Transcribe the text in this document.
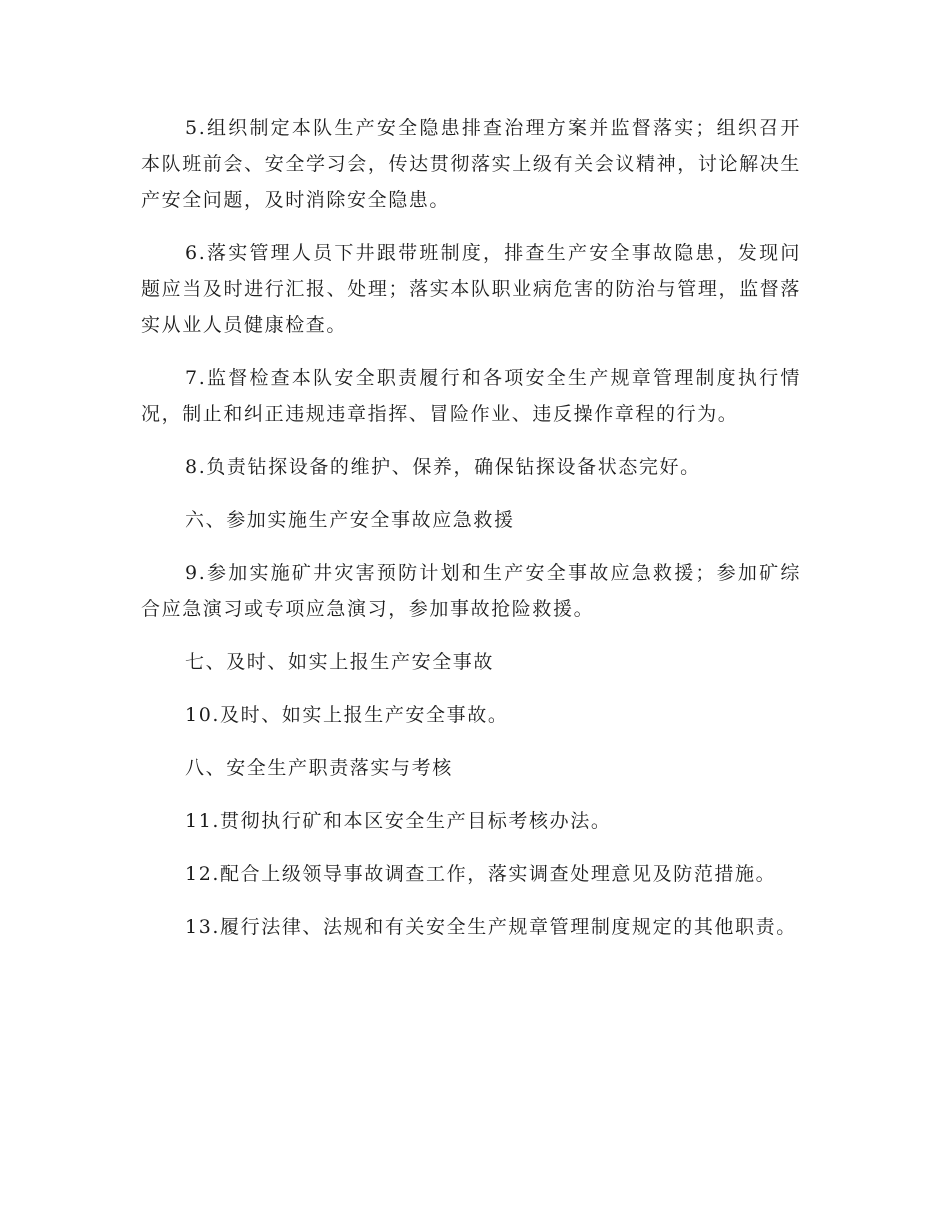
5.组织制定本队生产安全隐患排查治理方案并监督落实；组织召开本队班前会、安全学习会，传达贯彻落实上级有关会议精神，讨论解决生产安全问题，及时消除安全隐患。

6.落实管理人员下井跟带班制度，排查生产安全事故隐患，发现问题应当及时进行汇报、处理；落实本队职业病危害的防治与管理，监督落实从业人员健康检查。

7.监督检查本队安全职责履行和各项安全生产规章管理制度执行情况，制止和纠正违规违章指挥、冒险作业、违反操作章程的行为。

8.负责钻探设备的维护、保养，确保钻探设备状态完好。

六、参加实施生产安全事故应急救援

9.参加实施矿井灾害预防计划和生产安全事故应急救援；参加矿综合应急演习或专项应急演习，参加事故抢险救援。

七、及时、如实上报生产安全事故

10.及时、如实上报生产安全事故。

八、安全生产职责落实与考核

11.贯彻执行矿和本区安全生产目标考核办法。

12.配合上级领导事故调查工作，落实调查处理意见及防范措施。

13.履行法律、法规和有关安全生产规章管理制度规定的其他职责。
